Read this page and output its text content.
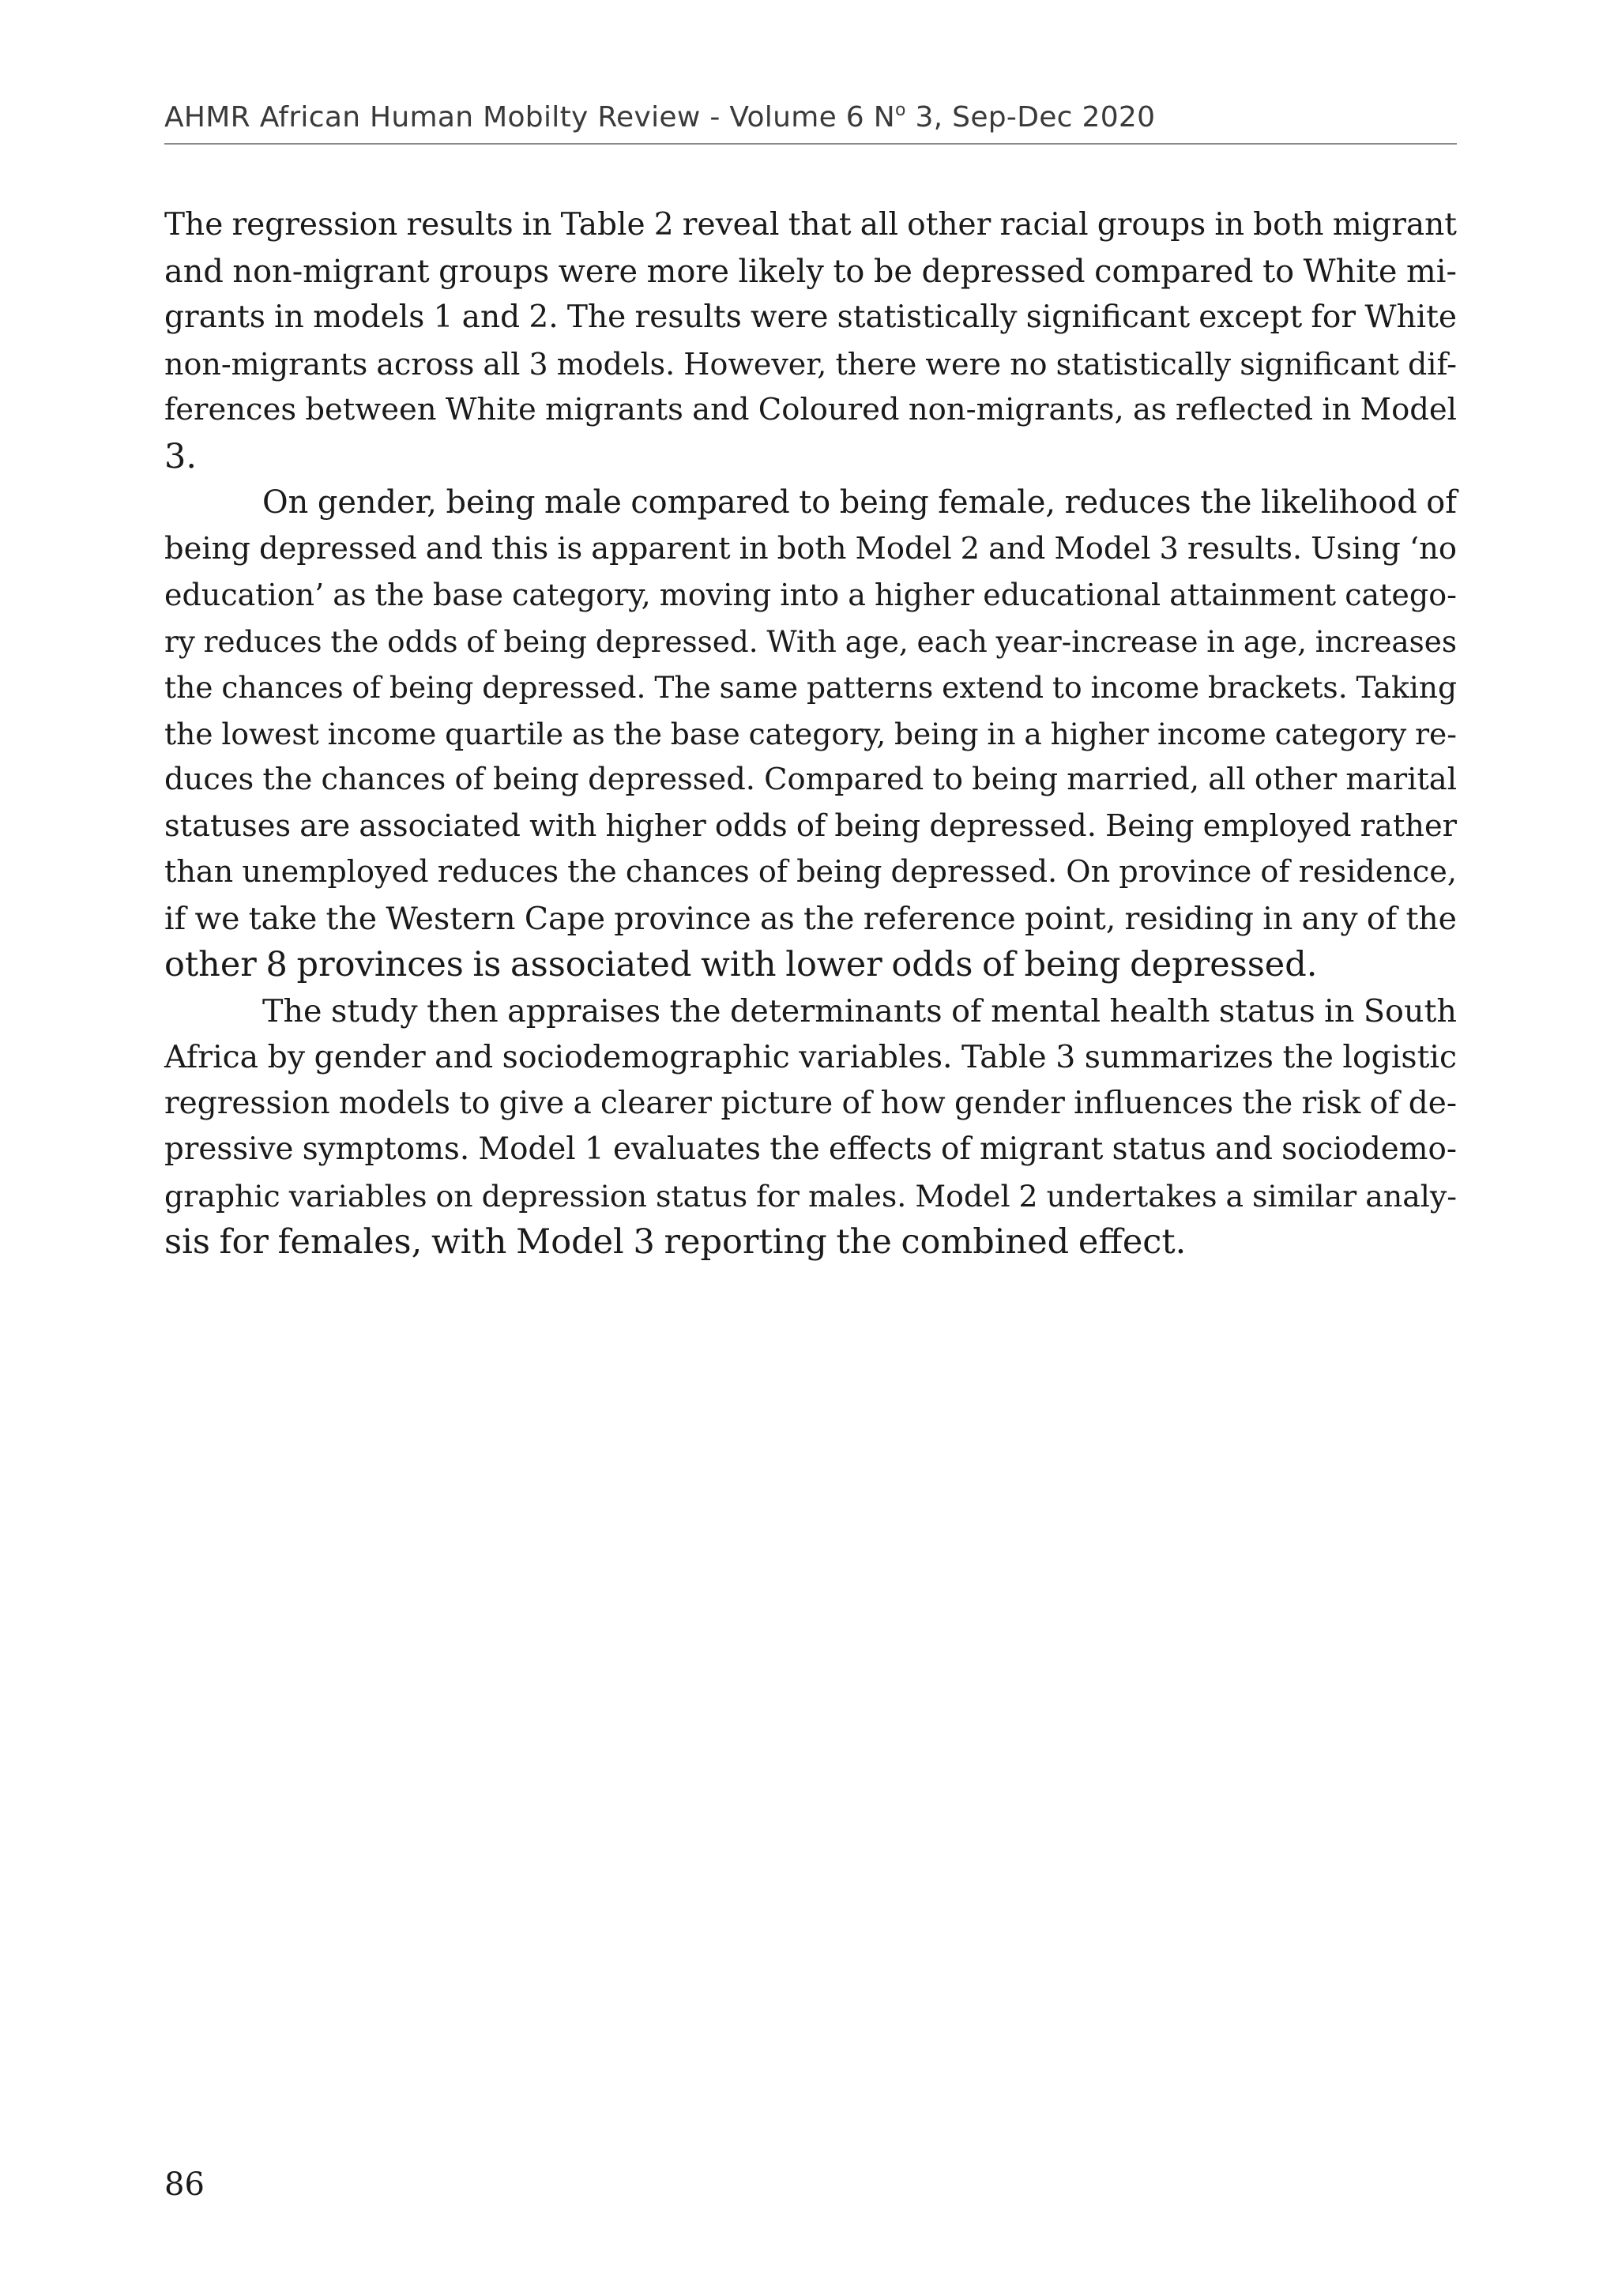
AHMR African Human Mobilty Review - Volume 6 $N^o$ 3, Sep-Dec 2020
The regression results in Table 2 reveal that all other racial groups in both migrant
and non-migrant groups were more likely to be depressed compared to White mi-
grants in models 1 and 2. The results were statistically significant except for White
non-migrants across all 3 models. However, there were no statistically significant dif-
ferences between White migrants and Coloured non-migrants, as reflected in Model
3.
On gender, being male compared to being female, reduces the likelihood of
being depressed and this is apparent in both Model 2 and Model 3 results. Using ‘no
education’ as the base category, moving into a higher educational attainment catego-
ry reduces the odds of being depressed. With age, each year-increase in age, increases
the chances of being depressed. The same patterns extend to income brackets. Taking
the lowest income quartile as the base category, being in a higher income category re-
duces the chances of being depressed. Compared to being married, all other marital
statuses are associated with higher odds of being depressed. Being employed rather
than unemployed reduces the chances of being depressed. On province of residence,
if we take the Western Cape province as the reference point, residing in any of the
other 8 provinces is associated with lower odds of being depressed.
The study then appraises the determinants of mental health status in South
Africa by gender and sociodemographic variables. Table 3 summarizes the logistic
regression models to give a clearer picture of how gender influences the risk of de-
pressive symptoms. Model 1 evaluates the effects of migrant status and sociodemo-
graphic variables on depression status for males. Model 2 undertakes a similar analy-
sis for females, with Model 3 reporting the combined effect.
86
